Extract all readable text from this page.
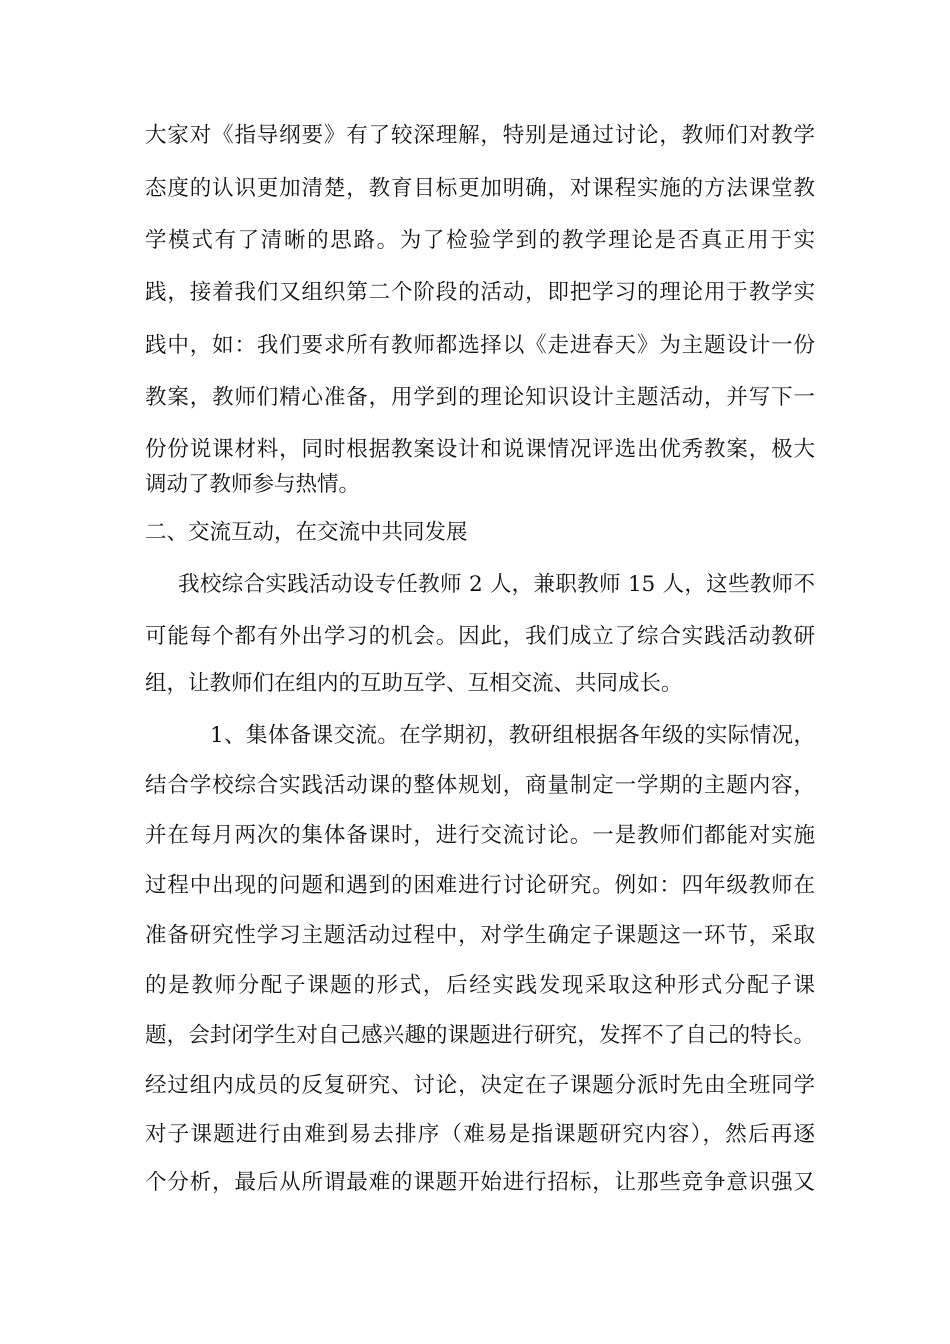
大家对《指导纲要》有了较深理解，特别是通过讨论，教师们对教学
态度的认识更加清楚，教育目标更加明确，对课程实施的方法课堂教
学模式有了清晰的思路。为了检验学到的教学理论是否真正用于实
践，接着我们又组织第二个阶段的活动，即把学习的理论用于教学实
践中，如：我们要求所有教师都选择以《走进春天》为主题设计一份
教案，教师们精心准备，用学到的理论知识设计主题活动，并写下一
份份说课材料，同时根据教案设计和说课情况评选出优秀教案，极大
调动了教师参与热情。
二、交流互动，在交流中共同发展
我校综合实践活动设专任教师 2 人，兼职教师 15 人，这些教师不
可能每个都有外出学习的机会。因此，我们成立了综合实践活动教研
组，让教师们在组内的互助互学、互相交流、共同成长。
1、集体备课交流。在学期初，教研组根据各年级的实际情况，
结合学校综合实践活动课的整体规划，商量制定一学期的主题内容，
并在每月两次的集体备课时，进行交流讨论。一是教师们都能对实施
过程中出现的问题和遇到的困难进行讨论研究。例如：四年级教师在
准备研究性学习主题活动过程中，对学生确定子课题这一环节，采取
的是教师分配子课题的形式，后经实践发现采取这种形式分配子课
题，会封闭学生对自己感兴趣的课题进行研究，发挥不了自己的特长。
经过组内成员的反复研究、讨论，决定在子课题分派时先由全班同学
对子课题进行由难到易去排序（难易是指课题研究内容），然后再逐
个分析，最后从所谓最难的课题开始进行招标，让那些竞争意识强又
